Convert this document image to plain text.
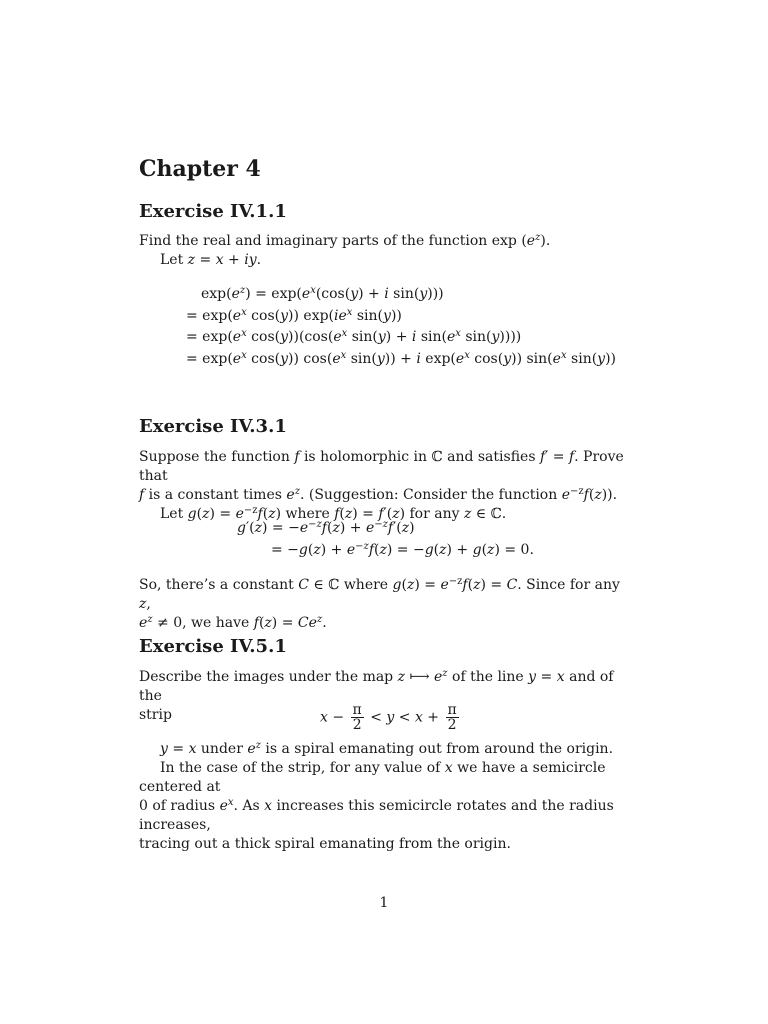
Chapter 4
Exercise IV.1.1

Find the real and imaginary parts of the function $\exp (e^z)$.
Let z = x + iy.

$\exp(e^z) = \exp(e^x(\cos(y) + i$ sin(y)))
= $\exp(e^x$ cos(y)) $\exp(ie^x$ sin(y))
= $\exp(e^x$ $\cos(y))(\cos(e^x$ sin(y) + i $\sin(e^x$ sin(y))))
= $\exp(e^x$ cos(y)) $\cos(e^x$ sin(y)) + i $\exp(e^x$ cos(y)) $\sin(e^x$ sin(y))
Exercise IV.3.1

Suppose the function f is holomorphic in ℂ and satisfies f′ = f. Prove that
f is a constant times $e^z$. (Suggestion: Consider the function $e^{-z}f(z)$).
Let $g(z) = e^{-z}f(z)$ where f(z) = f′(z) for any z ∈ ℂ.

$g'(z) = -e^{-z}f(z) + e^{-z}f'(z)$
= $-g(z) + e^{-z}f(z) = -g(z) + g(z) = 0$.

So, there’s a constant C ∈ ℂ where $g(z) = e^{-z}f(z) = C$. Since for any z,
$e^z \ne 0$, we have $f(z) = Ce^z$.

Exercise IV.5.1

Describe the images under the map z ⟼ $e^z$ of the line y = x and of the
strip	$x - \frac{\pi}{2} < y < x + \frac{\pi}{2}$

y = x under $e^z$ is a spiral emanating out from around the origin.
In the case of the strip, for any value of x we have a semicircle centered at
0 of radius $e^x$. As x increases this semicircle rotates and the radius increases,
tracing out a thick spiral emanating from the origin.

1
